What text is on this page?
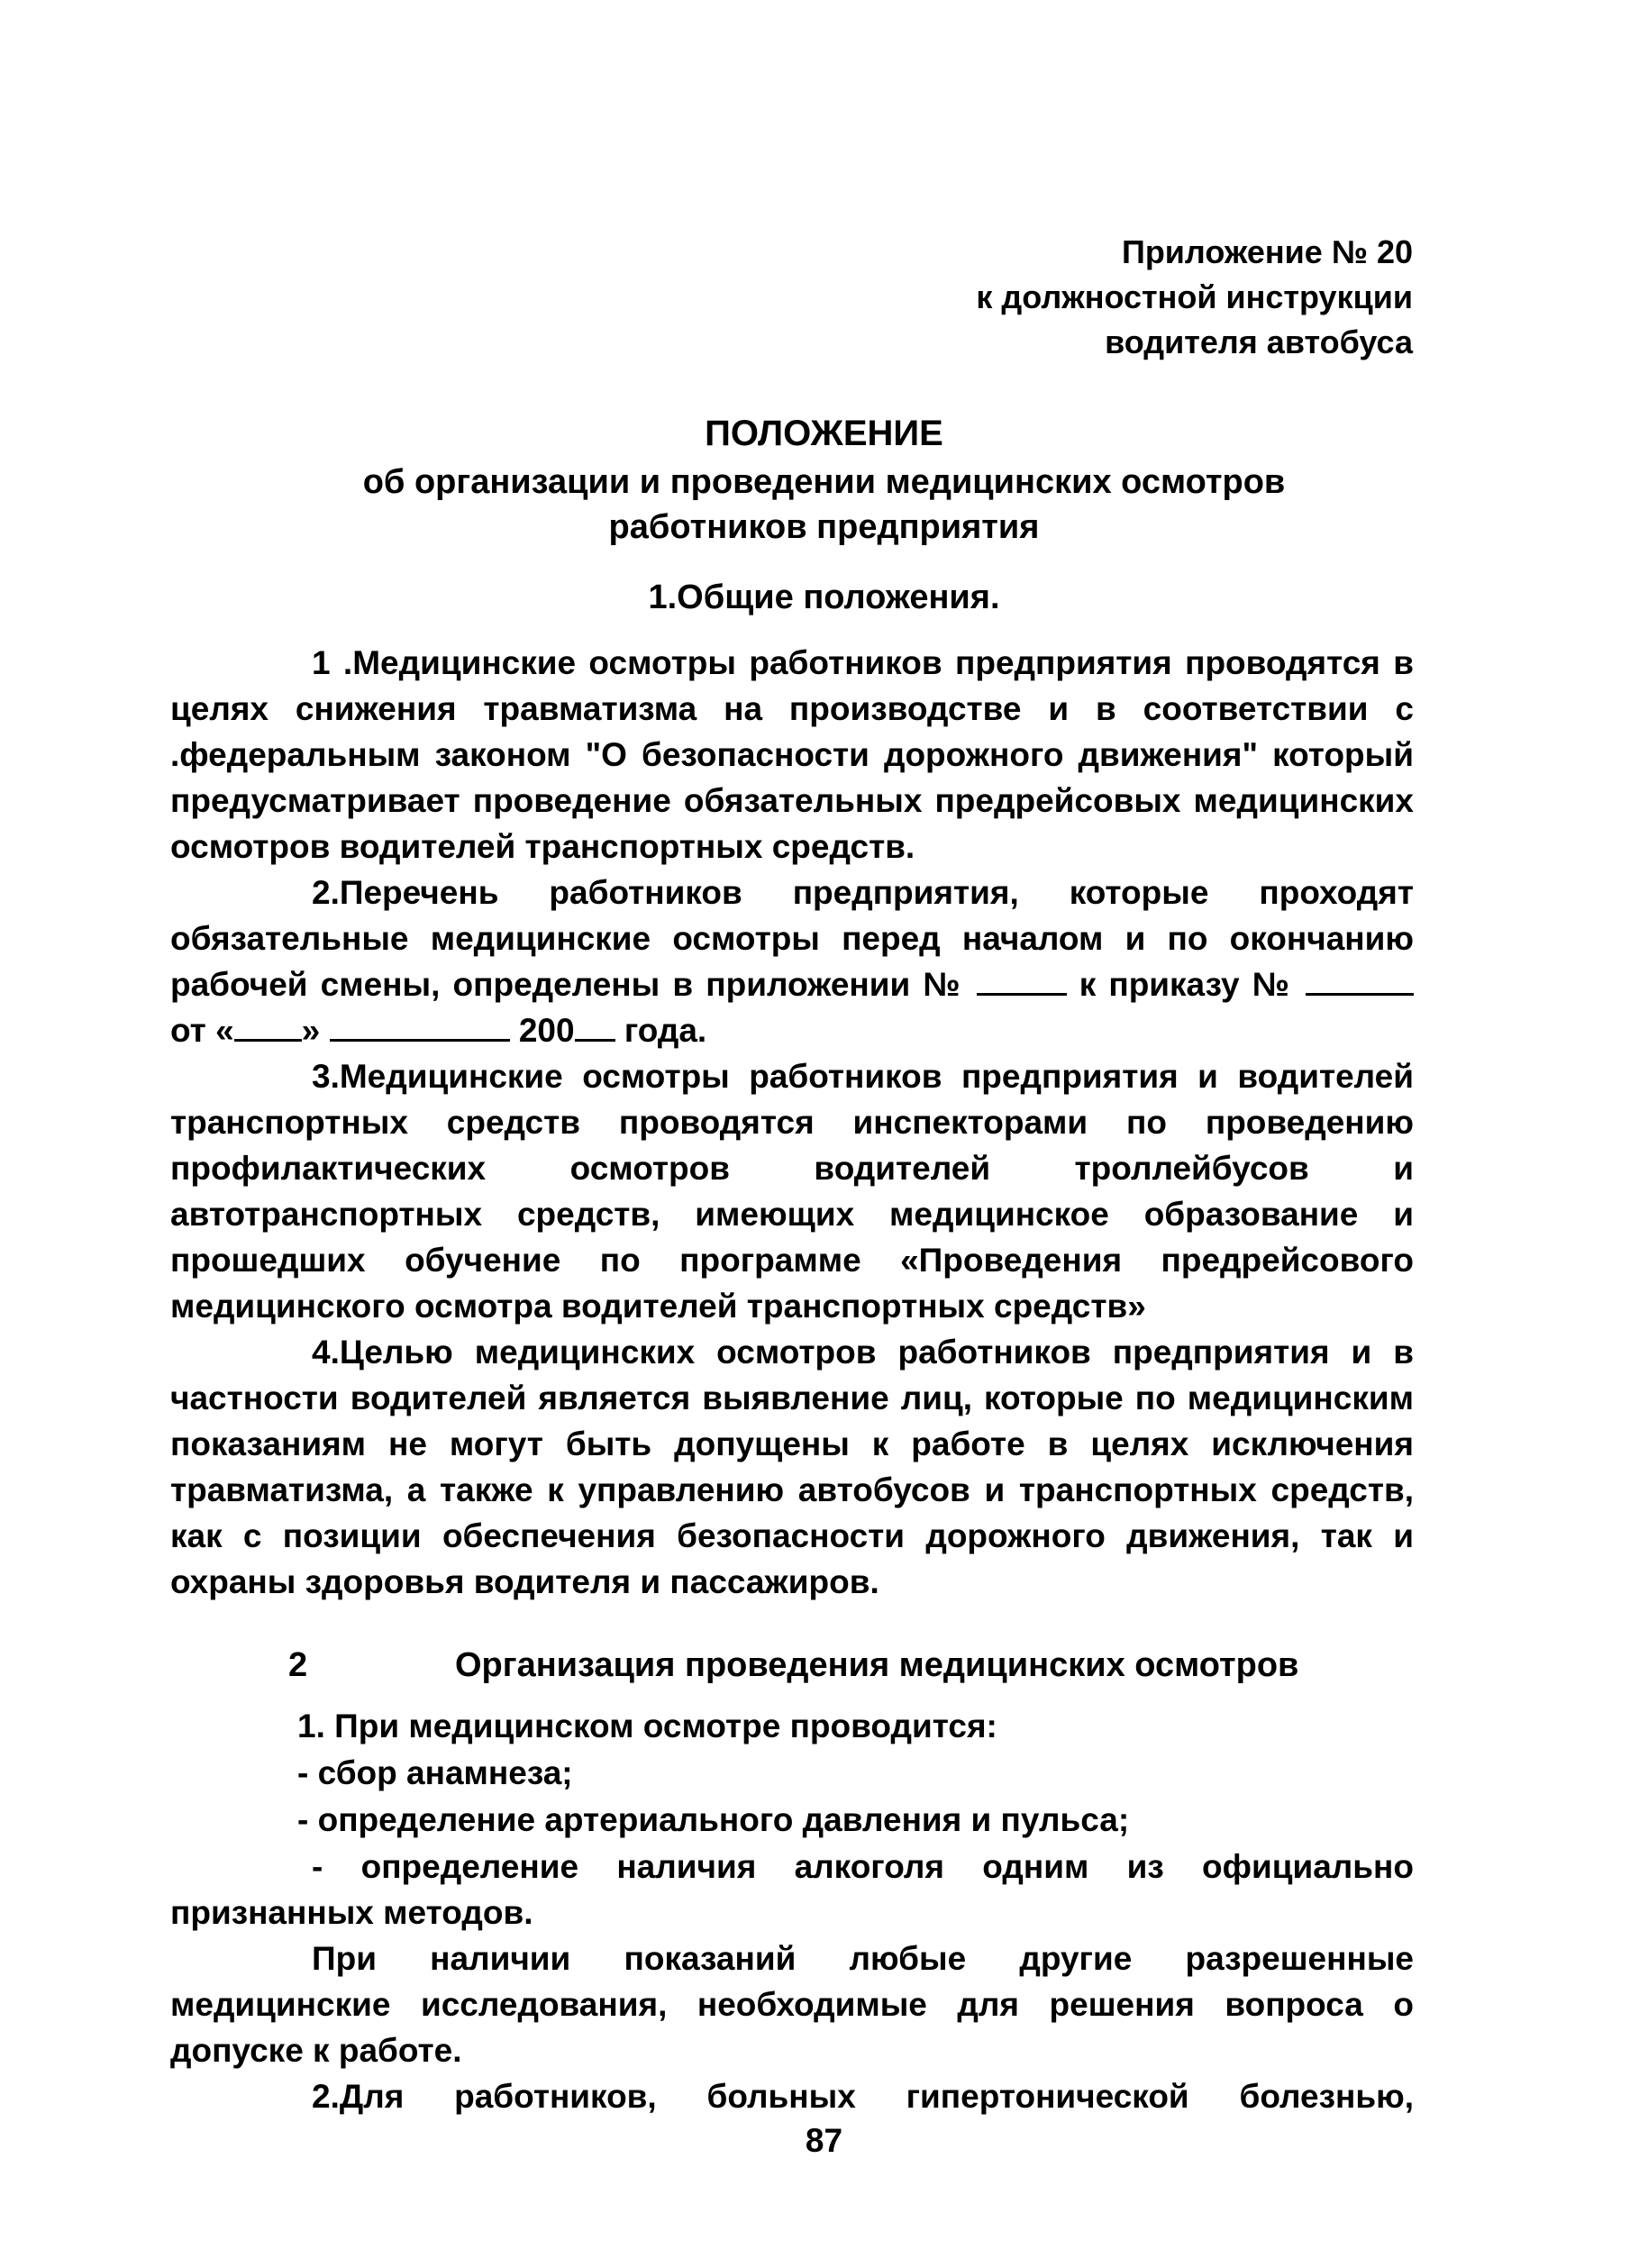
Приложение № 20
к должностной инструкции
водителя автобуса
ПОЛОЖЕНИЕ
об организации и проведении медицинских осмотров
работников предприятия
1.Общие положения.

1 .Медицинские осмотры работников предприятия проводятся в целях снижения травматизма на производстве и в соответствии с .федеральным законом "О безопасности дорожного движения" который предусматривает проведение обязательных предрейсовых медицинских осмотров водителей транспортных средств.

2.Перечень работников предприятия, которые проходят обязательные медицинские осмотры перед началом и по окончанию рабочей смены, определены в приложении №	к приказу №  от « »	200 года.

3.Медицинские осмотры работников предприятия и водителей транспортных средств проводятся инспекторами по проведению профилактических осмотров водителей троллейбусов и автотранспортных средств, имеющих медицинское образование и прошедших обучение по программе «Проведения предрейсового медицинского осмотра водителей транспортных средств»

4.Целью медицинских осмотров работников предприятия и в частности водителей является выявление лиц, которые по медицинским показаниям не могут быть допущены к работе в целях исключения травматизма, а также к управлению автобусов и транспортных средств, как с позиции обеспечения безопасности дорожного движения, так и охраны здоровья водителя и пассажиров.

2	Организация проведения медицинских осмотров
1. При медицинском осмотре проводится:
- сбор анамнеза;
- определение артериального давления и пульса;

- определение наличия алкоголя одним из официально признанных методов.

При наличии показаний любые другие разрешенные медицинские исследования, необходимые для решения вопроса о допуске к работе.

2.Для работников, больных гипертонической болезнью,

87
